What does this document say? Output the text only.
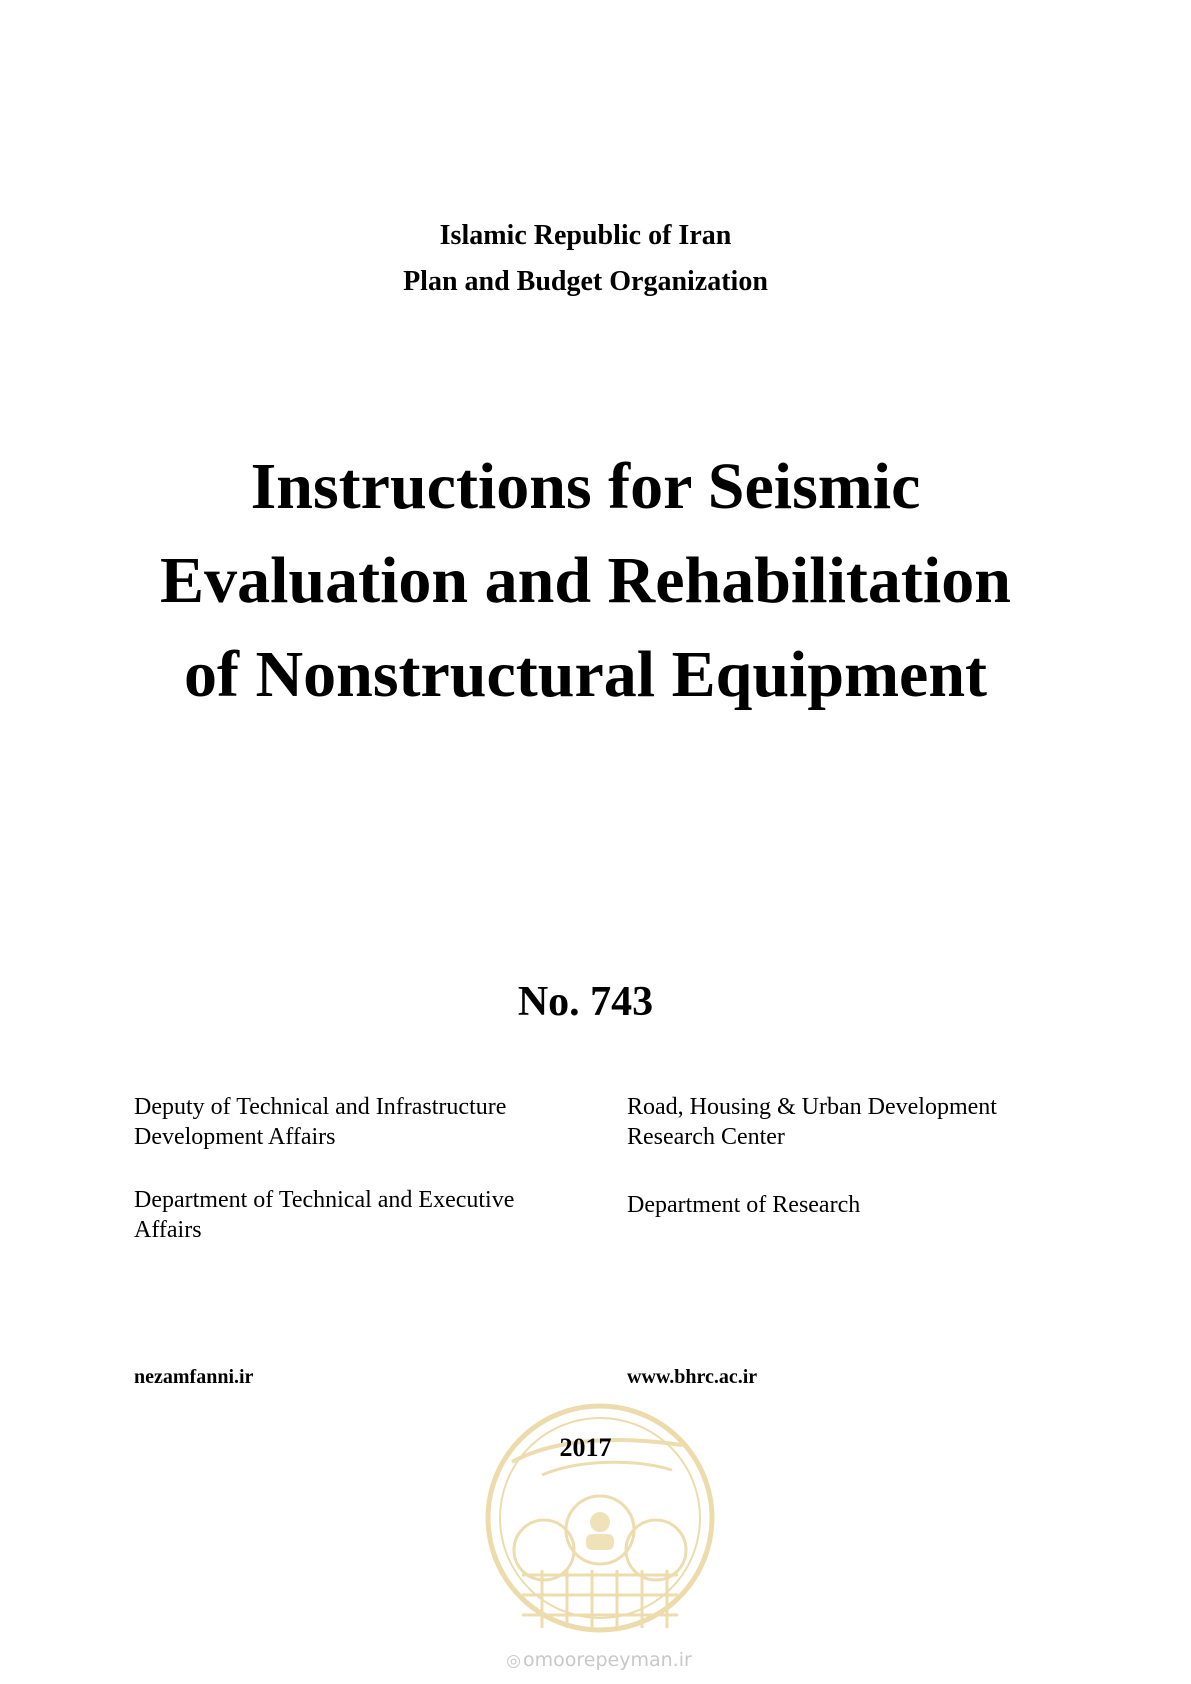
Islamic Republic of Iran
Plan and Budget Organization
Instructions for Seismic
Evaluation and Rehabilitation
of Nonstructural Equipment
No. 743
Deputy of Technical and Infrastructure
Development Affairs
Department of Technical and Executive
Affairs
nezamfanni.ir
Road, Housing & Urban Development
Research Center
Department of Research
www.bhrc.ac.ir
2017
◎ omoorepeyman.ir
